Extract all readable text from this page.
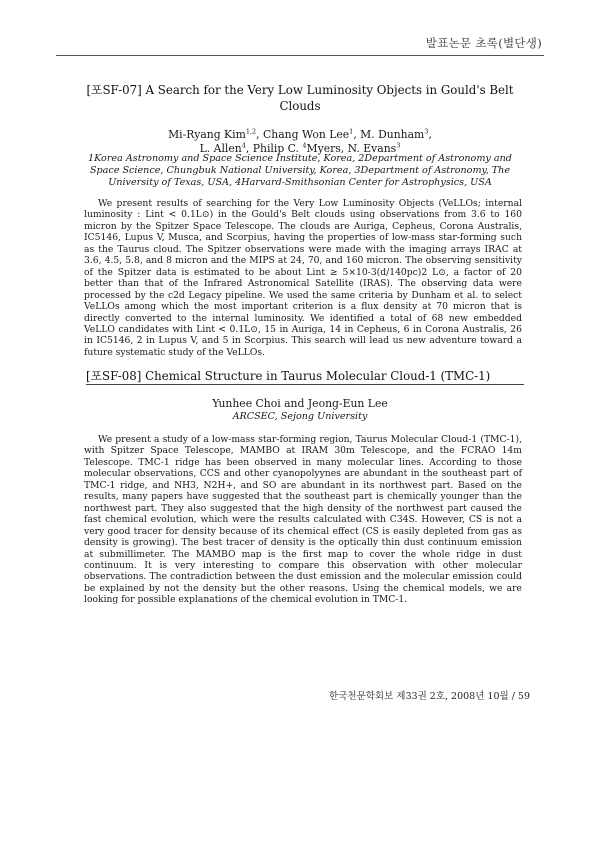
발표논문 초록(별단생)
[포SF-07] A Search for the Very Low Luminosity Objects in Gould's Belt Clouds
Mi-Ryang Kim$^{1,2}$, Chang Won Lee$^1$, M. Dunham$^3$,
L. Allen$^4$, Philip C. $^4$Myers, N. Evans$^3$
1Korea Astronomy and Space Science Institute, Korea, 2Department of Astronomy and
Space Science, Chungbuk National University, Korea, 3Department of Astronomy, The
University of Texas, USA, 4Harvard-Smithsonian Center for Astrophysics, USA

We present results of searching for the Very Low Luminosity Objects (VeLLOs; internal luminosity : Lint < 0.1L⊙) in the Gould's Belt clouds using observations from 3.6 to 160 micron by the Spitzer Space Telescope. The clouds are Auriga, Cepheus, Corona Australis, IC5146, Lupus V, Musca, and Scorpius, having the properties of low-mass star-forming such as the Taurus cloud. The Spitzer observations were made with the imaging arrays IRAC at 3.6, 4.5, 5.8, and 8 micron and the MIPS at 24, 70, and 160 micron. The observing sensitivity of the Spitzer data is estimated to be about Lint ≥ 5×10-3(d/140pc)2 L⊙, a factor of 20 better than that of the Infrared Astronomical Satellite (IRAS). The observing data were processed by the c2d Legacy pipeline. We used the same criteria by Dunham et al. to select VeLLOs among which the most important criterion is a flux density at 70 micron that is directly converted to the internal luminosity. We identified a total of 68 new embedded VeLLO candidates with Lint < 0.1L⊙, 15 in Auriga, 14 in Cepheus, 6 in Corona Australis, 26 in IC5146, 2 in Lupus V, and 5 in Scorpius. This search will lead us new adventure toward a future systematic study of the VeLLOs.

[포SF-08] Chemical Structure in Taurus Molecular Cloud-1 (TMC-1)
Yunhee Choi and Jeong-Eun Lee
ARCSEC, Sejong University

We present a study of a low-mass star-forming region, Taurus Molecular Cloud-1 (TMC-1), with Spitzer Space Telescope, MAMBO at IRAM 30m Telescope, and the FCRAO 14m Telescope. TMC-1 ridge has been observed in many molecular lines. According to those molecular observations, CCS and other cyanopolyynes are abundant in the southeast part of TMC-1 ridge, and NH3, N2H+, and SO are abundant in its northwest part. Based on the results, many papers have suggested that the southeast part is chemically younger than the northwest part. They also suggested that the high density of the northwest part caused the fast chemical evolution, which were the results calculated with C34S. However, CS is not a very good tracer for density because of its chemical effect (CS is easily depleted from gas as density is growing). The best tracer of density is the optically thin dust continuum emission at submillimeter. The MAMBO map is the first map to cover the whole ridge in dust continuum. It is very interesting to compare this observation with other molecular observations. The contradiction between the dust emission and the molecular emission could be explained by not the density but the other reasons. Using the chemical models, we are looking for possible explanations of the chemical evolution in TMC-1.

한국천문학회보 제33권 2호, 2008년 10월 / 59
